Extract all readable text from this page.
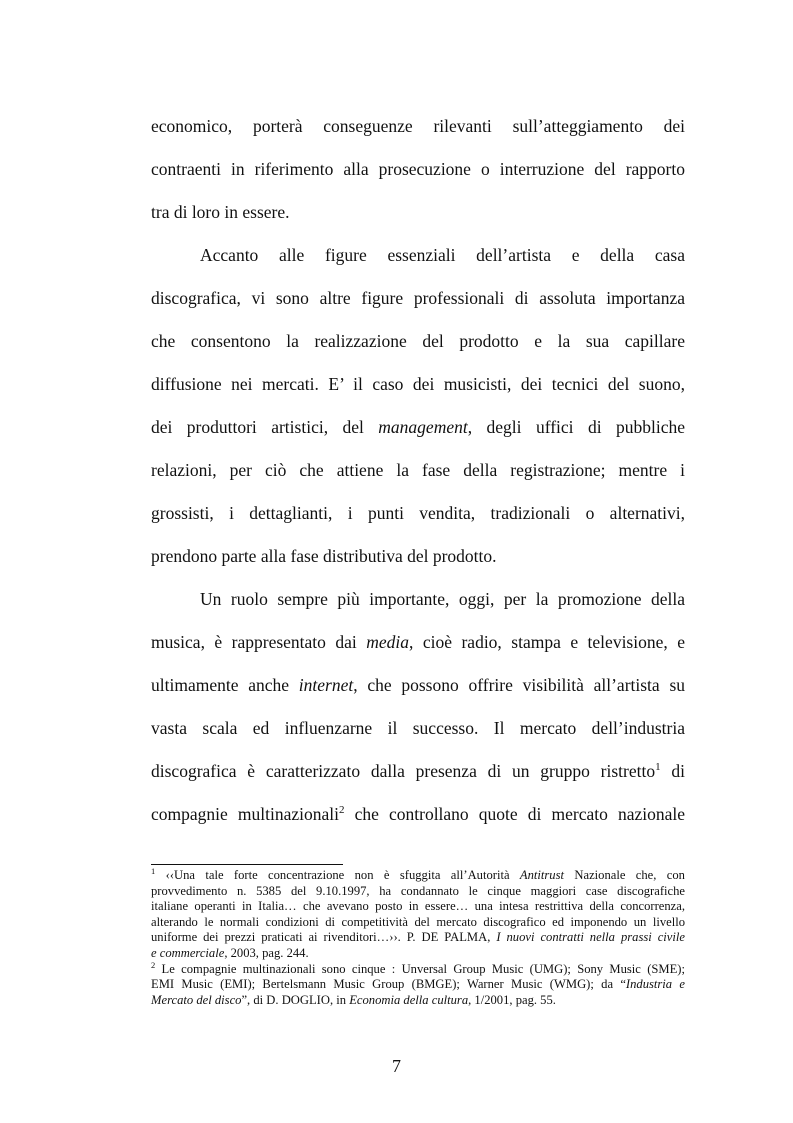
economico, porterà conseguenze rilevanti sull’atteggiamento dei
contraenti in riferimento alla prosecuzione o interruzione del rapporto
tra di loro in essere.
Accanto alle figure essenziali dell’artista e della casa
discografica, vi sono altre figure professionali di assoluta importanza
che consentono la realizzazione del prodotto e la sua capillare
diffusione nei mercati. E’ il caso dei musicisti, dei tecnici del suono,
dei produttori artistici, del management, degli uffici di pubbliche
relazioni, per ciò che attiene la fase della registrazione; mentre i
grossisti, i dettaglianti, i punti vendita, tradizionali o alternativi,
prendono parte alla fase distributiva del prodotto.
Un ruolo sempre più importante, oggi, per la promozione della
musica, è rappresentato dai media, cioè radio, stampa e televisione, e
ultimamente anche internet, che possono offrire visibilità all’artista su
vasta scala ed influenzarne il successo. Il mercato dell’industria
discografica è caratterizzato dalla presenza di un gruppo ristretto$^1$ di
compagnie multinazionali$^2$ che controllano quote di mercato nazionale
$^1$ ‹‹Una tale forte concentrazione non è sfuggita all’Autorità Antitrust Nazionale che, con
provvedimento n. 5385 del 9.10.1997, ha condannato le cinque maggiori case discografiche
italiane operanti in Italia… che avevano posto in essere… una intesa restrittiva della concorrenza,
alterando le normali condizioni di competitività del mercato discografico ed imponendo un livello
uniforme dei prezzi praticati ai rivenditori…››. P. DE PALMA, I nuovi contratti nella prassi civile
e commerciale, 2003, pag. 244.
$^2$ Le compagnie multinazionali sono cinque : Unversal Group Music (UMG); Sony Music (SME);
EMI Music (EMI); Bertelsmann Music Group (BMGE); Warner Music (WMG); da “Industria e
Mercato del disco”, di D. DOGLIO, in Economia della cultura, 1/2001, pag. 55.
7
